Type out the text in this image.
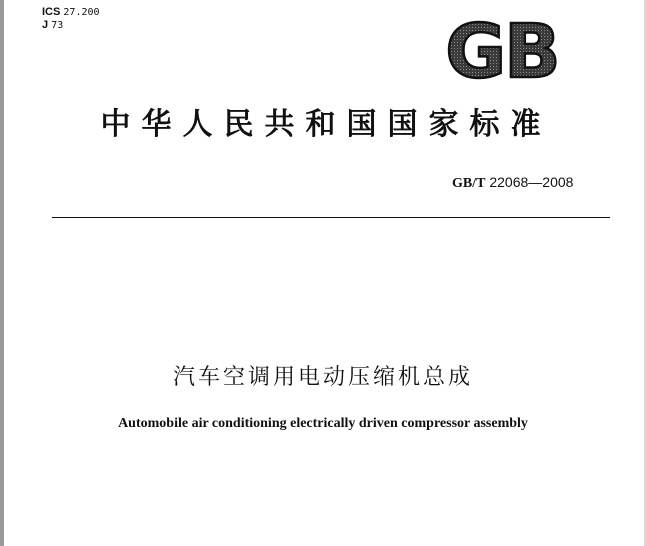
ICS 27.200
J 73	GB
中华人民共和国国家标准
GB/T 22068—2008
汽车空调用电动压缩机总成
Automobile air conditioning electrically driven compressor assembly
